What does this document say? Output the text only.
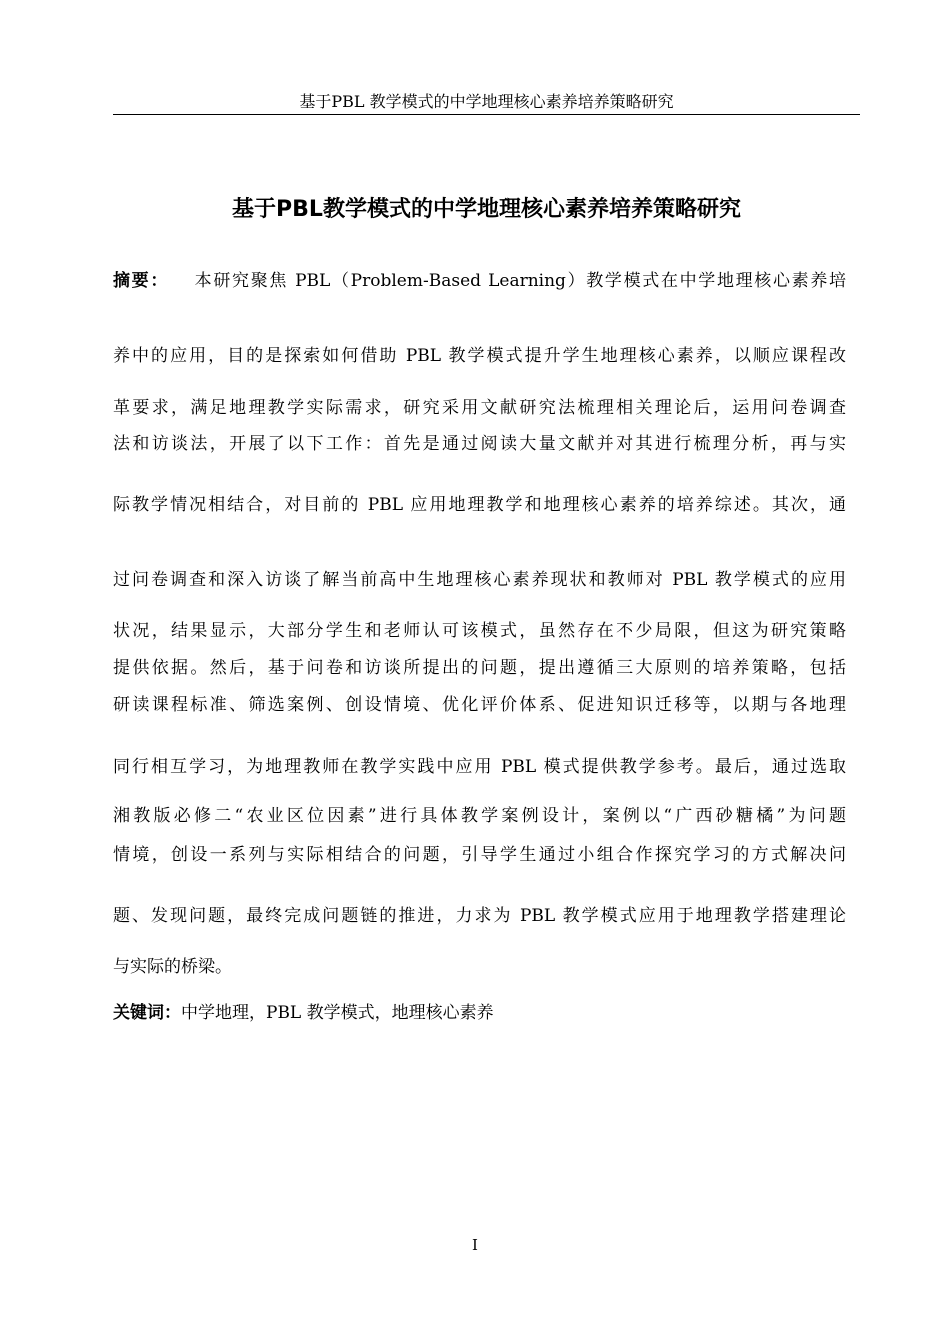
基于PBL 教学模式的中学地理核心素养培养策略研究
基于PBL教学模式的中学地理核心素养培养策略研究
摘要： 本研究聚焦 PBL（Problem-Based Learning）教学模式在中学地理核心素养培
养中的应用，目的是探索如何借助 PBL 教学模式提升学生地理核心素养，以顺应课程改
革要求，满足地理教学实际需求，研究采用文献研究法梳理相关理论后，运用问卷调查
法和访谈法，开展了以下工作：首先是通过阅读大量文献并对其进行梳理分析，再与实
际教学情况相结合，对目前的 PBL 应用地理教学和地理核心素养的培养综述。其次，通
过问卷调查和深入访谈了解当前高中生地理核心素养现状和教师对 PBL 教学模式的应用
状况，结果显示，大部分学生和老师认可该模式，虽然存在不少局限，但这为研究策略
提供依据。然后，基于问卷和访谈所提出的问题，提出遵循三大原则的培养策略，包括
研读课程标准、筛选案例、创设情境、优化评价体系、促进知识迁移等，以期与各地理
同行相互学习，为地理教师在教学实践中应用 PBL 模式提供教学参考。最后，通过选取
湘教版必修二“农业区位因素”进行具体教学案例设计，案例以“广西砂糖橘”为问题
情境，创设一系列与实际相结合的问题，引导学生通过小组合作探究学习的方式解决问
题、发现问题，最终完成问题链的推进，力求为 PBL 教学模式应用于地理教学搭建理论
与实际的桥梁。
关键词：中学地理，PBL 教学模式，地理核心素养
I
